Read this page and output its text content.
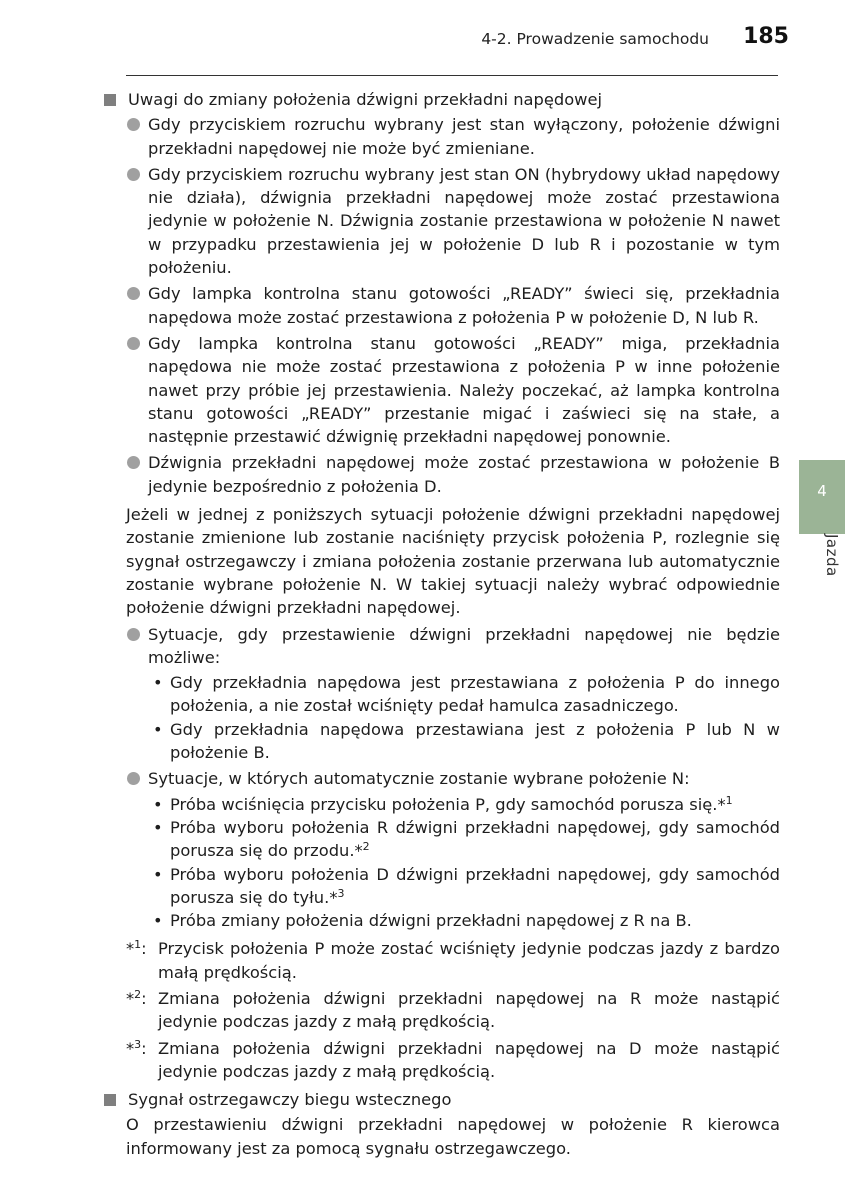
4-2. Prowadzenie samochodu 185
4
Jazda

Uwagi do zmiany położenia dźwigni przekładni napędowej

Gdy przyciskiem rozruchu wybrany jest stan wyłączony, położenie dźwigni przekładni napędowej nie może być zmieniane.

Gdy przyciskiem rozruchu wybrany jest stan ON (hybrydowy układ napędowy nie działa), dźwignia przekładni napędowej może zostać przestawiona jedynie w położenie N. Dźwignia zostanie przestawiona w położenie N nawet w przypadku przestawienia jej w położenie D lub R i pozostanie w tym położeniu.

Gdy lampka kontrolna stanu gotowości „READY” świeci się, przekładnia napędowa może zostać przestawiona z położenia P w położenie D, N lub R.

Gdy lampka kontrolna stanu gotowości „READY” miga, przekładnia napędowa nie może zostać przestawiona z położenia P w inne położenie nawet przy próbie jej przestawienia. Należy poczekać, aż lampka kontrolna stanu gotowości „READY” przestanie migać i zaświeci się na stałe, a następnie przestawić dźwignię przekładni napędowej ponownie.

Dźwignia przekładni napędowej może zostać przestawiona w położenie B jedynie bezpośrednio z położenia D.

Jeżeli w jednej z poniższych sytuacji położenie dźwigni przekładni napędowej zostanie zmienione lub zostanie naciśnięty przycisk położenia P, rozlegnie się sygnał ostrzegawczy i zmiana położenia zostanie przerwana lub automatycznie zostanie wybrane położenie N. W takiej sytuacji należy wybrać odpowiednie położenie dźwigni przekładni napędowej.

Sytuacje, gdy przestawienie dźwigni przekładni napędowej nie będzie możliwe:

• Gdy przekładnia napędowa jest przestawiana z położenia P do innego położenia, a nie został wciśnięty pedał hamulca zasadniczego.

• Gdy przekładnia napędowa przestawiana jest z położenia P lub N w położenie B.

Sytuacje, w których automatycznie zostanie wybrane położenie N:

• Próba wciśnięcia przycisku położenia P, gdy samochód porusza się.*$^1$

• Próba wyboru położenia R dźwigni przekładni napędowej, gdy samochód porusza się do przodu.*$^2$

• Próba wyboru położenia D dźwigni przekładni napędowej, gdy samochód porusza się do tyłu.*$^3$

• Próba zmiany położenia dźwigni przekładni napędowej z R na B.

*$^1$: Przycisk położenia P może zostać wciśnięty jedynie podczas jazdy z bardzo małą prędkością.

*$^2$: Zmiana położenia dźwigni przekładni napędowej na R może nastąpić jedynie podczas jazdy z małą prędkością.

*$^3$: Zmiana położenia dźwigni przekładni napędowej na D może nastąpić jedynie podczas jazdy z małą prędkością.

Sygnał ostrzegawczy biegu wstecznego

O przestawieniu dźwigni przekładni napędowej w położenie R kierowca informowany jest za pomocą sygnału ostrzegawczego.
